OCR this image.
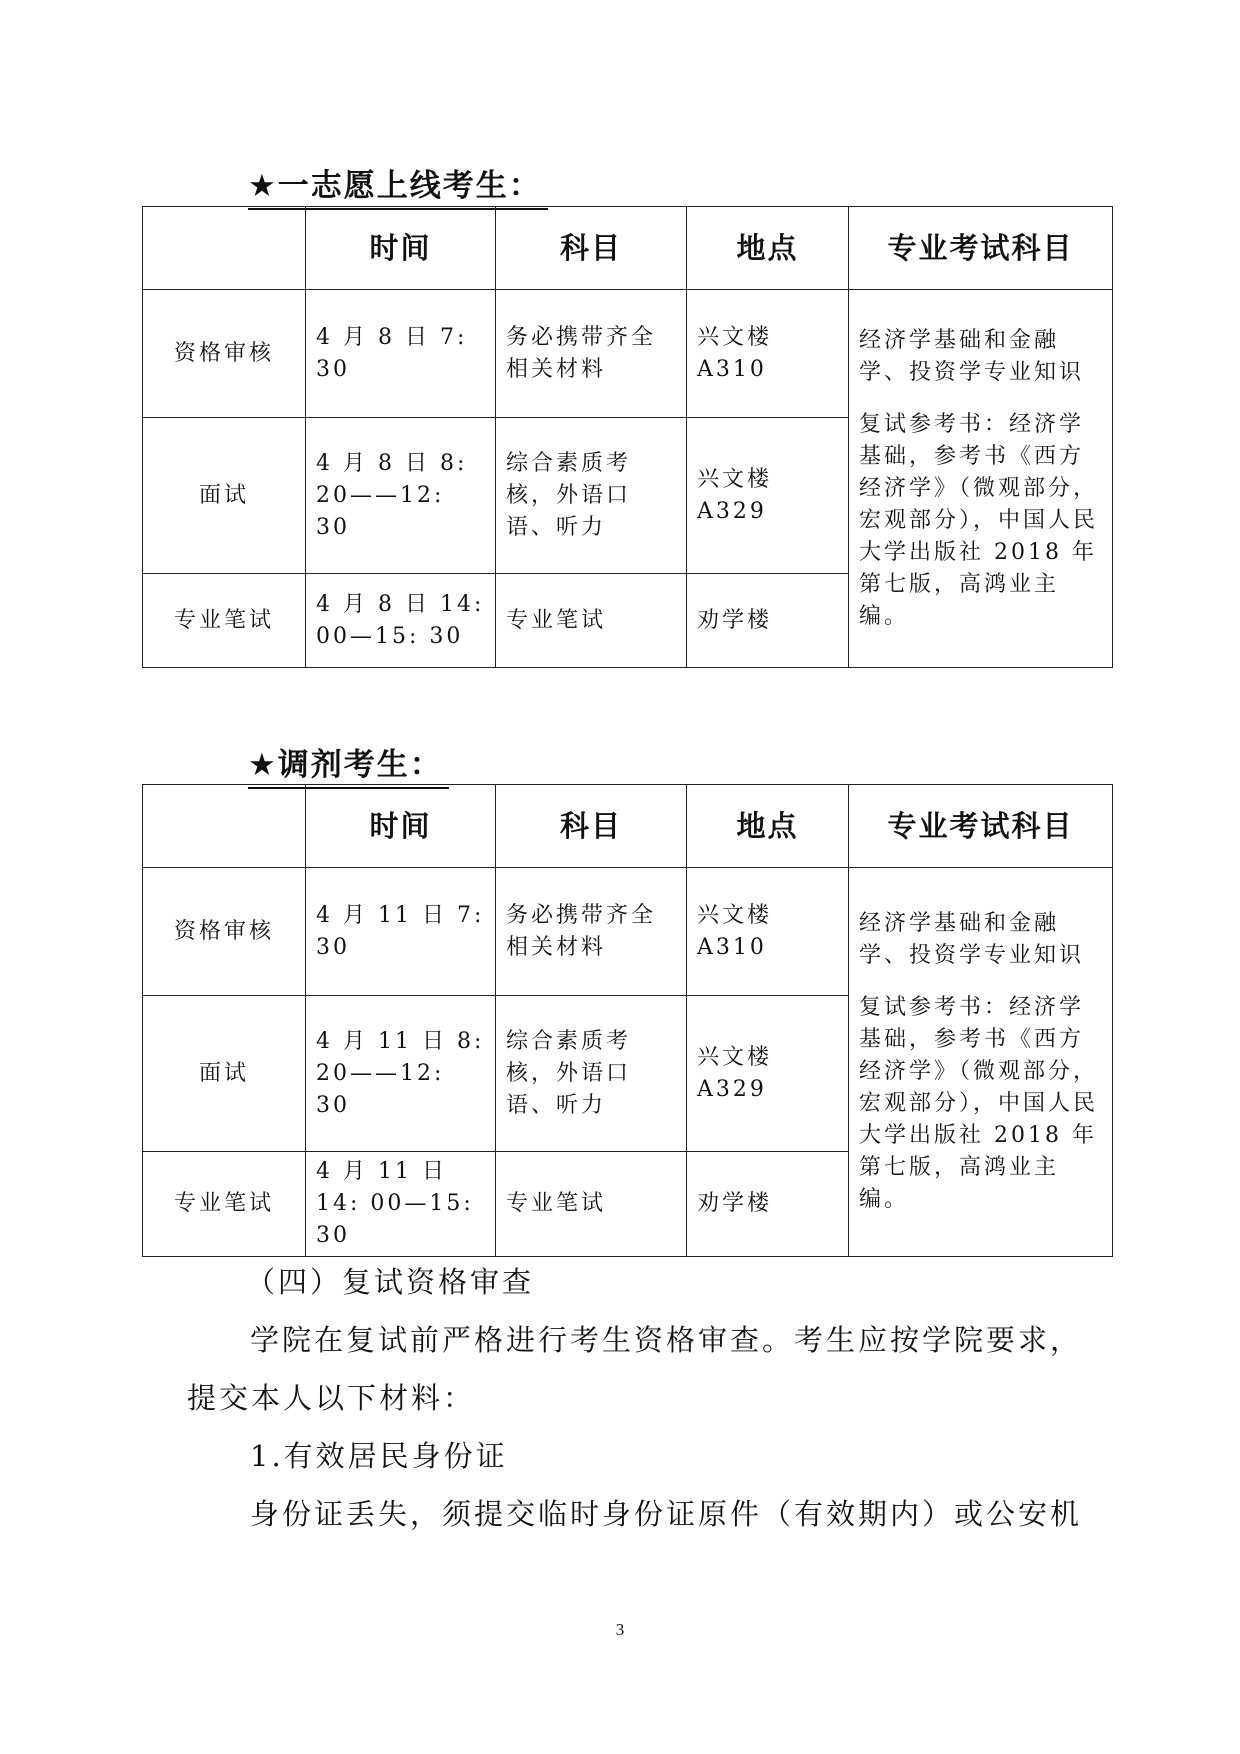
★一志愿上线考生：
	时间	科目	地点	专业考试科目
资格审核	4 月 8 日 7: 30	务必携带齐全相关材料	兴文楼 A310	经济学基础和金融学、投资学专业知识
复试参考书：经济学基础，参考书《西方经济学》（微观部分，宏观部分），中国人民大学出版社 2018 年第七版，高鸿业主编。

面试	4 月 8 日 8: 20——12: 30	综合素质考核，外语口语、听力	兴文楼 A329	
专业笔试	4 月 8 日 14: 00—15: 30	专业笔试	劝学楼	
★调剂考生：
	时间	科目	地点	专业考试科目
资格审核	4 月 11 日 7: 30	务必携带齐全相关材料	兴文楼 A310	经济学基础和金融学、投资学专业知识
复试参考书：经济学基础，参考书《西方经济学》（微观部分，宏观部分），中国人民大学出版社 2018 年第七版，高鸿业主编。

面试	4 月 11 日 8: 20——12: 30	综合素质考核，外语口语、听力	兴文楼 A329	
专业笔试	4 月 11 日 14: 00—15: 30	专业笔试	劝学楼	
（四）复试资格审查
学院在复试前严格进行考生资格审查。考生应按学院要求，
提交本人以下材料：
1.有效居民身份证
身份证丢失，须提交临时身份证原件（有效期内）或公安机
3
